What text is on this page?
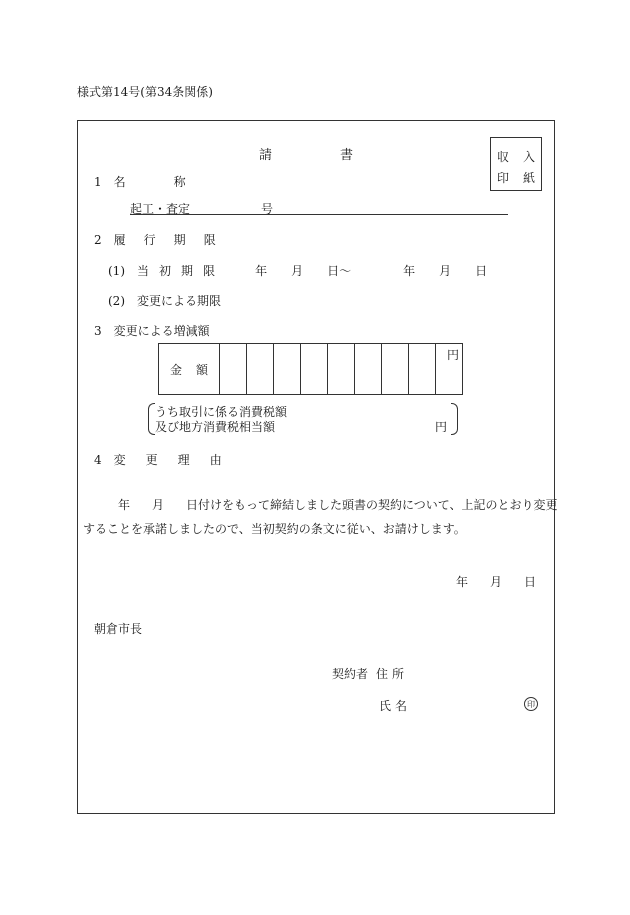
様式第14号(第34条関係)
請	書	収 入
印 紙
1 名	称
起工・査定	号
2 履 行 期 限
(1) 当 初 期 限	年 月 日〜	年 月 日
(2) 変更による期限
3 変更による増減額
金 額									
円
うち取引に係る消費税額
及び地方消費税相当額	円
4 変 更 理 由
年 月 日付けをもって締結しました頭書の契約について、上記のとおり変更
することを承諾しましたので、当初契約の条文に従い、お請けします。
年 月 日
朝倉市長
契約者 住 所
氏 名	印
